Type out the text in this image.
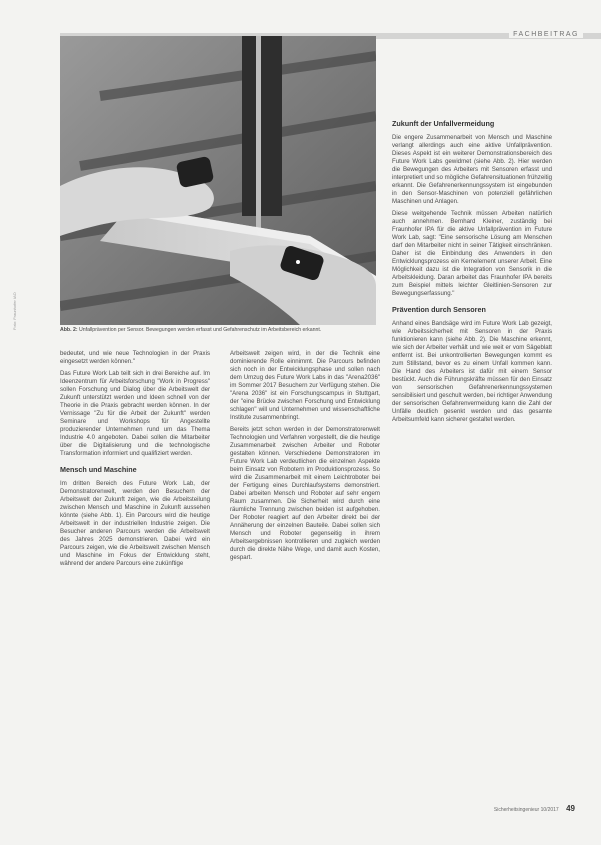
FACHBEITRAG
Foto: Fraunhofer IAO	Abb. 2: Unfallprävention per Sensor. Bewegungen werden erfasst und Gefahrenschutz im Arbeitsbereich erkannt.

bedeutet, und wie neue Technologien in der Praxis eingesetzt werden können."

Das Future Work Lab teilt sich in drei Bereiche auf. Im Ideenzentrum für Arbeitsforschung "Work in Progress" sollen Forschung und Dialog über die Arbeitswelt der Zukunft unterstützt werden und Ideen schnell von der Theorie in die Praxis gebracht werden können. In der Vernissage "Zu für die Arbeit der Zukunft" werden Seminare und Workshops für Angestellte produzierender Unternehmen rund um das Thema Industrie 4.0 angeboten. Dabei sollen die Mitarbeiter über die Digitalisierung und die technologische Transformation informiert und qualifiziert werden.

Mensch und Maschine

Im dritten Bereich des Future Work Lab, der Demonstratorenwelt, werden den Besuchern der Arbeitswelt der Zukunft zeigen, wie die Arbeitsteilung zwischen Mensch und Maschine in Zukunft aussehen könnte (siehe Abb. 1). Ein Parcours wird die heutige Arbeitswelt in der industriellen Industrie zeigen. Die Besucher anderen Parcours werden die Arbeitswelt des Jahres 2025 demonstrieren. Dabei wird ein Parcours zeigen, wie die Arbeitswelt zwischen Mensch und Maschine im Fokus der Entwicklung steht, während der andere Parcours eine zukünftige

Arbeitswelt zeigen wird, in der die Technik eine dominierende Rolle einnimmt. Die Parcours befinden sich noch in der Entwicklungsphase und sollen nach dem Umzug des Future Work Labs in das "Arena2036" im Sommer 2017 Besuchern zur Verfügung stehen. Die "Arena 2036" ist ein Forschungscampus in Stuttgart, der "eine Brücke zwischen Forschung und Entwicklung schlagen" will und Unternehmen und wissenschaftliche Institute zusammenbringt.

Bereits jetzt schon werden in der Demonstratorenwelt Technologien und Verfahren vorgestellt, die die heutige Zusammenarbeit zwischen Arbeiter und Roboter gestalten können. Verschiedene Demonstratoren im Future Work Lab verdeutlichen die einzelnen Aspekte beim Einsatz von Robotern im Produktionsprozess. So wird die Zusammenarbeit mit einem Leichtroboter bei der Fertigung eines Durchlaufsystems demonstriert. Dabei arbeiten Mensch und Roboter auf sehr engem Raum zusammen. Die Sicherheit wird durch eine räumliche Trennung zwischen beiden ist aufgehoben. Der Roboter reagiert auf den Arbeiter direkt bei der Annäherung der einzelnen Bauteile. Dabei sollen sich Mensch und Roboter gegenseitig in ihrem Arbeitsergebnissen kontrollieren und zugleich werden durch die direkte Nähe Wege, und damit auch Kosten, gespart.

Zukunft der Unfallvermeidung

Die engere Zusammenarbeit von Mensch und Maschine verlangt allerdings auch eine aktive Unfallprävention. Dieses Aspekt ist ein weiterer Demonstrationsbereich des Future Work Labs gewidmet (siehe Abb. 2). Hier werden die Bewegungen des Arbeiters mit Sensoren erfasst und interpretiert und so mögliche Gefahrensituationen frühzeitig erkannt. Die Gefahrenerkennungssystem ist eingebunden in den Sensor-Maschinen von potenziell gefährlichen Maschinen und Anlagen.

Diese weitgehende Technik müssen Arbeiten natürlich auch annehmen. Bernhard Kleiner, zuständig bei Fraunhofer IPA für die aktive Unfallprävention im Future Work Lab, sagt: "Eine sensorische Lösung am Menschen darf den Mitarbeiter nicht in seiner Tätigkeit einschränken. Daher ist die Einbindung des Anwenders in den Entwicklungsprozess ein Kernelement unserer Arbeit. Eine Möglichkeit dazu ist die Integration von Sensorik in die Arbeitskleidung. Daran arbeitet das Fraunhofer IPA bereits zum Beispiel mittels leichter Gleitlinien-Sensoren zur Bewegungserfassung."

Prävention durch Sensoren

Anhand eines Bandsäge wird im Future Work Lab gezeigt, wie Arbeitssicherheit mit Sensoren in der Praxis funktionieren kann (siehe Abb. 2). Die Maschine erkennt, wie sich der Arbeiter verhält und wie weit er vom Sägeblatt entfernt ist. Bei unkontrollierten Bewegungen kommt es zum Stillstand, bevor es zu einem Unfall kommen kann. Die Hand des Arbeiters ist dafür mit einem Sensor bestückt. Auch die Führungskräfte müssen für den Einsatz von sensorischen Gefahrenerkennungssystemen sensibilisiert und geschult werden, bei richtiger Anwendung der sensorischen Gefahrenvermeidung kann die Zahl der Unfälle deutlich gesenkt werden und das gesamte Arbeitsumfeld kann sicherer gestaltet werden.

Sicherheitsingenieur 10/2017 49
